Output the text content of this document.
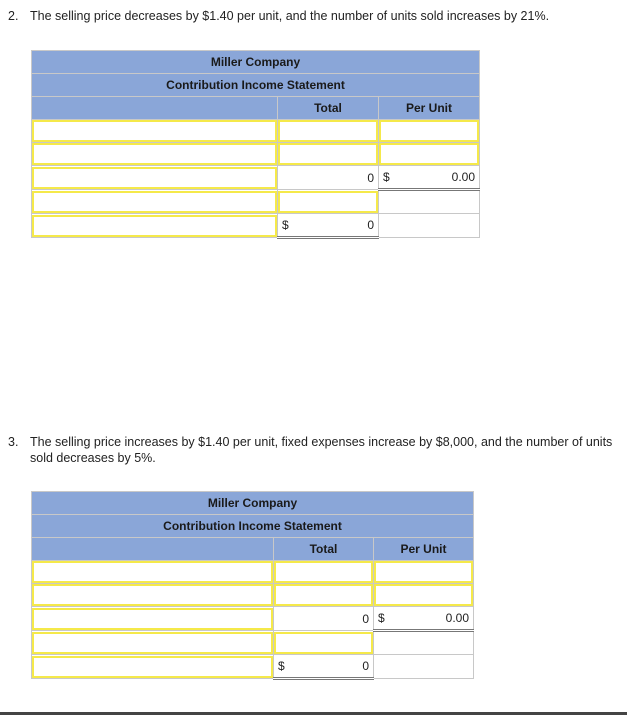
2. The selling price decreases by $1.40 per unit, and the number of units sold increases by 21%.
Miller Company		
Contribution Income Statement		
	Total	Per Unit

	0	$ 0.00

	$ 0	

3. The selling price increases by $1.40 per unit, fixed expenses increase by $8,000, and the number of units sold decreases by 5%.
Miller Company		
Contribution Income Statement		
	Total	Per Unit

	0	$ 0.00

	$ 0	
